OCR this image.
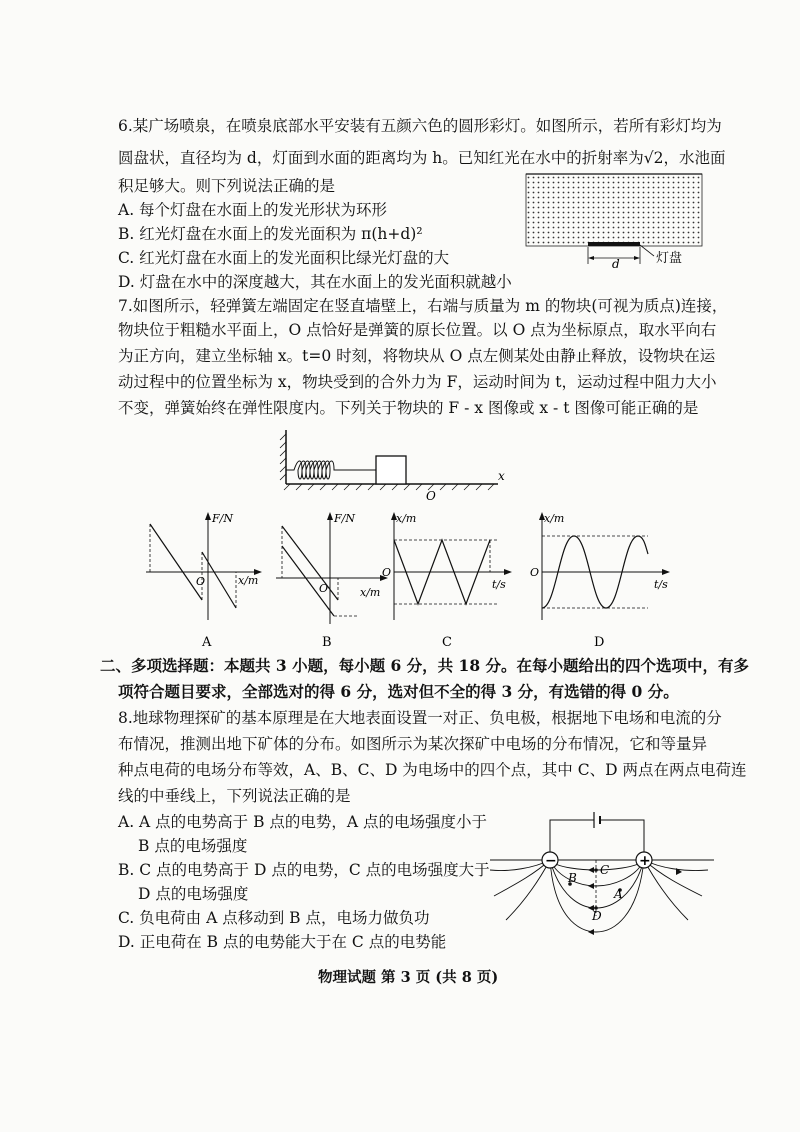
6.某广场喷泉，在喷泉底部水平安装有五颜六色的圆形彩灯。如图所示，若所有彩灯均为
圆盘状，直径均为 d，灯面到水面的距离均为 h。已知红光在水中的折射率为√2，水池面
积足够大。则下列说法正确的是
A. 每个灯盘在水面上的发光形状为环形
B. 红光灯盘在水面上的发光面积为 π(h+d)²
C. 红光灯盘在水面上的发光面积比绿光灯盘的大
D. 灯盘在水中的深度越大，其在水面上的发光面积就越小
d	灯盘
7.如图所示，轻弹簧左端固定在竖直墙壁上，右端与质量为 m 的物块(可视为质点)连接，
物块位于粗糙水平面上，O 点恰好是弹簧的原长位置。以 O 点为坐标原点，取水平向右
为正方向，建立坐标轴 x。t=0 时刻，将物块从 O 点左侧某处由静止释放，设物块在运
动过程中的位置坐标为 x，物块受到的合外力为 F，运动时间为 t，运动过程中阻力大小
不变，弹簧始终在弹性限度内。下列关于物块的 F - x 图像或 x - t 图像可能正确的是
x
O
F/N
x/m
O
A
F/N
x/m
O
B
x/m
t/s
O
C
x/m
t/s
O
D
二、多项选择题：本题共 3 小题，每小题 6 分，共 18 分。在每小题给出的四个选项中，有多
项符合题目要求，全部选对的得 6 分，选对但不全的得 3 分，有选错的得 0 分。
8.地球物理探矿的基本原理是在大地表面设置一对正、负电极，根据地下电场和电流的分
布情况，推测出地下矿体的分布。如图所示为某次探矿中电场的分布情况，它和等量异
种点电荷的电场分布等效，A、B、C、D 为电场中的四个点，其中 C、D 两点在两点电荷连
线的中垂线上，下列说法正确的是
A. A 点的电势高于 B 点的电势，A 点的电场强度小于
B 点的电场强度
B. C 点的电势高于 D 点的电势，C 点的电场强度大于
D 点的电场强度
C. 负电荷由 A 点移动到 B 点，电场力做负功
D. 正电荷在 B 点的电势能大于在 C 点的电势能
−	+
C
B
A
D
物理试题 第 3 页 (共 8 页)
